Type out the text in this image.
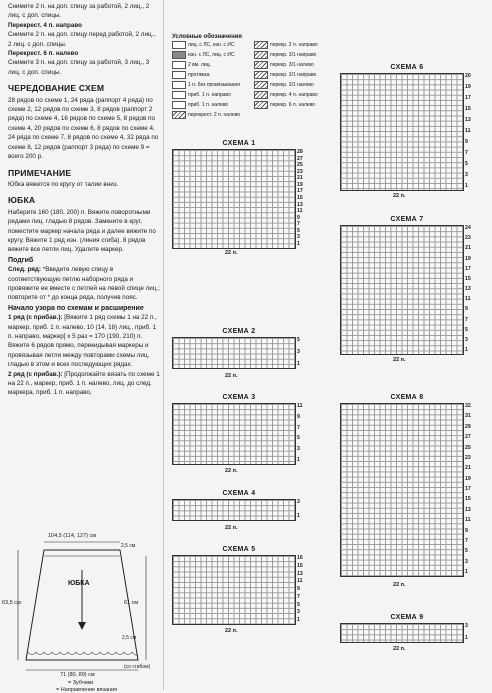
Снимите 2 п. на доп. спицу за работой, 2 лиц., 2 лиц. с доп. спицы.

Перекрест. 4 п. направо

Снимите 2 п. на доп. спицу перед работой, 2 лиц., 2 лиц. с доп. спицы.

Перекрест. 6 п. налево

Снимите 3 п. на доп. спицу за работой, 3 лиц., 3 лиц. с доп. спицы.

ЧЕРЕДОВАНИЕ СХЕМ

28 рядов по схеме 1, 24 ряда (раппорт 4 ряда) по схеме 2, 12 рядов по схеме 3, 8 рядов (раппорт 2 ряда) по схеме 4, 16 рядов по схеме 5, 8 рядов по схеме 4, 20 рядов по схеме 6, 8 рядов по схеме 4, 24 ряда по схеме 7, 8 рядов по схеме 4, 32 ряда по схеме 8, 12 рядов (раппорт 3 ряда) по схеме 9 = всего 200 р.

ПРИМЕЧАНИЕ

Юбка вяжется по кругу от талии вниз.

ЮБКА

Наберите 160 (180, 200) п. Вяжите поворотными рядами лиц. гладью 8 рядов. Замкните в круг, поместите маркер начала ряда и далее вяжите по кругу. Вяжите 1 ряд изн. (линия сгиба). 8 рядов вяжите все петли лиц. Удалите маркер.

Подгиб

След. ряд: *Введите левую спицу в соответствующую петлю наборного ряда и провяжите ее вместе с петлей на левой спице лиц.; повторите от * до конца ряда, получив пояс.

Начало узора по схемам и расширение

1 ряд (с прибав.): [Вяжите 1 ряд схемы 1 на 22 п., маркер, приб. 1 п. налево, 10 (14, 18) лиц., приб. 1 п. направо, маркер] х 5 раз = 170 (190, 210) п.

Вяжите 6 рядов прямо, перекидывая маркеры и провязывая петли между повторами схемы лиц. гладью в этом и всех последующих рядах.

2 ряд (с прибав.): [Продолжайте вязать по схеме 1 на 22 п., маркер, приб. 1 п. налево, лиц. до след. маркера, приб. 1 п. направо,

104,5 (114, 127) см
2,5 см
ЮБКА
63,5 см	61 см
2,5 см
71 (80, 89) см
(со сгибом)
= Зубчики
= Направление вязания
Условные обозначения
лиц. с ЛС, изн. с ИС
изн. с ЛС, лиц. с ИС
2 вм. лиц.
протяжка
1 п. без провязывания
приб. 1 п. направо
приб. 1 п. налево
перекрест. 2 п. налево
перекр. 2 п. направо
перекр. 3/1 направо
перекр. 3/1 налево
перекр. 3/1 направо
перекр. 3/1 налево
перекр. 4 п. направо
перекр. 6 п. налево
СХЕМА 1
22 п.
28
27
25
23
21
19
17
15
13
11
9
7
5
3
1
СХЕМА 2
22 п.
5
3
1
СХЕМА 3
22 п.
11
9
7
5
3
1
СХЕМА 4
22 п.
3
1
СХЕМА 5
22 п.
16
15
13
11
9
7
5
3
1
СХЕМА 6
22 п.
20
19
17
15
13
11
9
7
5
3
1
СХЕМА 7
22 п.
24
23
21
19
17
15
13
11
9
7
5
3
1
СХЕМА 8
22 п.
32
31
29
27
25
23
21
19
17
15
13
11
9
7
5
3
1
СХЕМА 9
22 п.
3
1
